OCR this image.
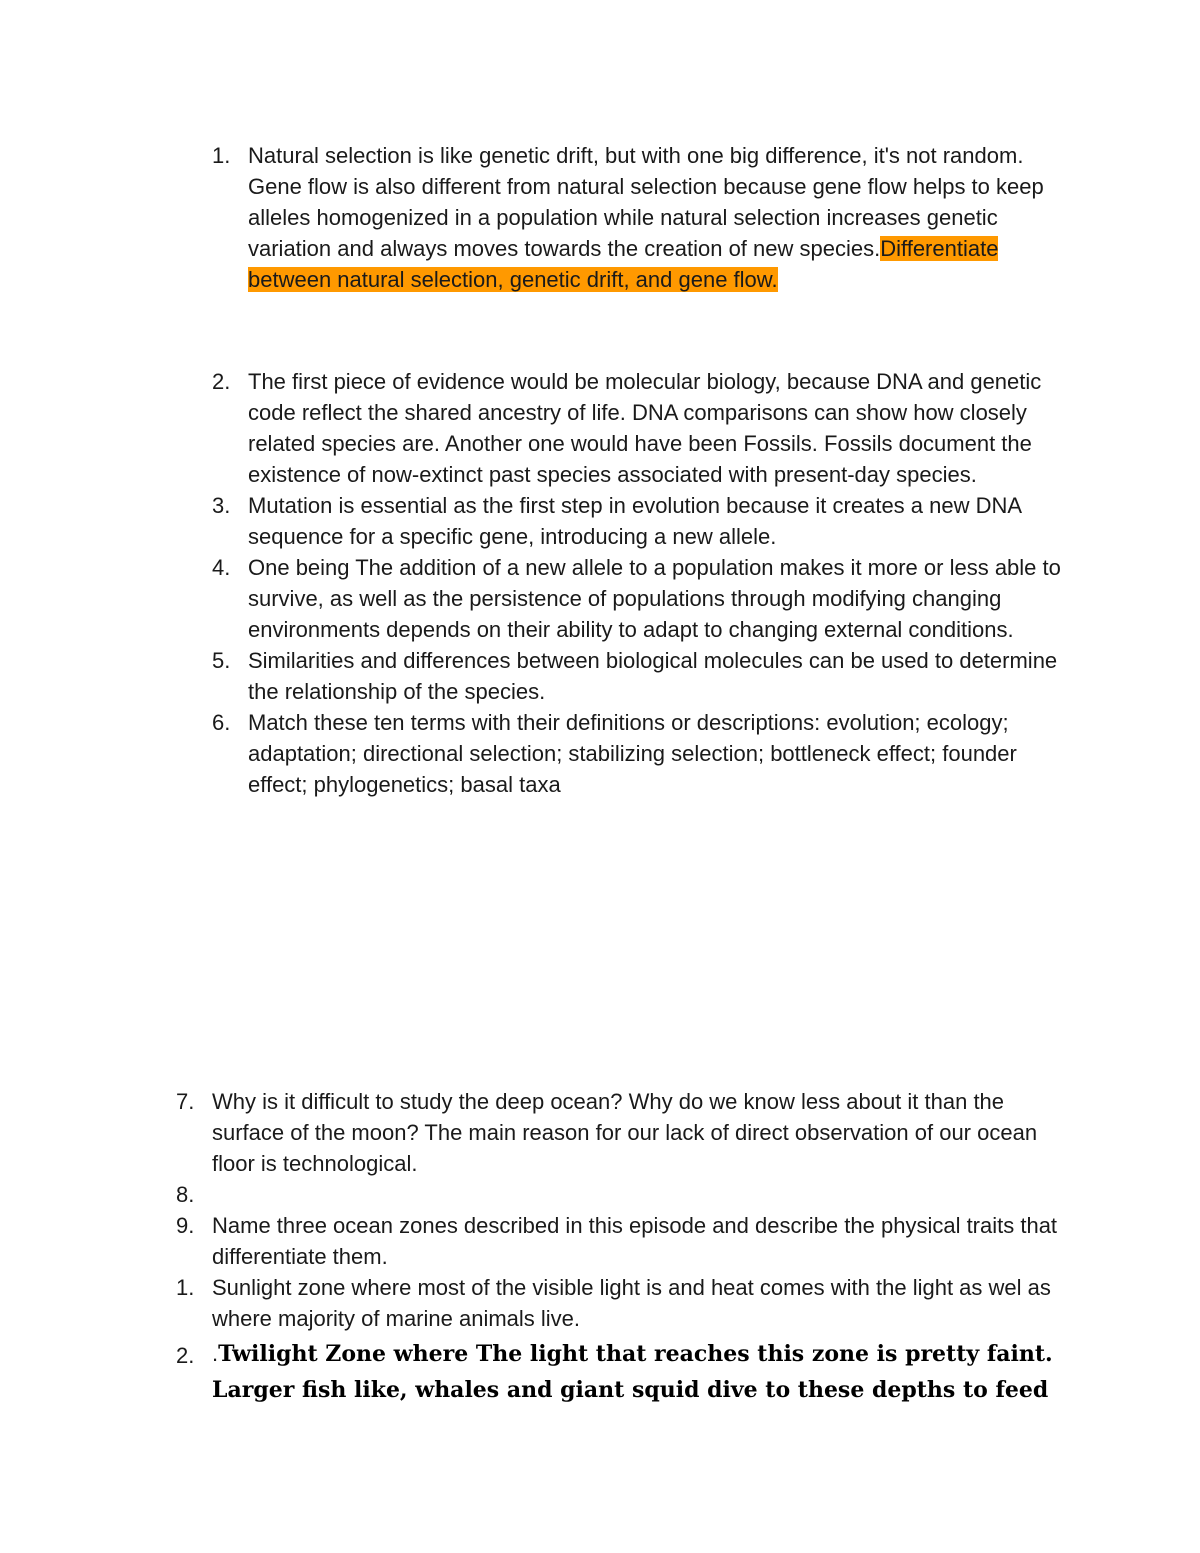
1. Natural selection is like genetic drift, but with one big difference, it's not random. Gene flow is also different from natural selection because gene flow helps to keep alleles homogenized in a population while natural selection increases genetic variation and always moves towards the creation of new species.Differentiate between natural selection, genetic drift, and gene flow.
2. The first piece of evidence would be molecular biology, because DNA and genetic code reflect the shared ancestry of life. DNA comparisons can show how closely related species are. Another one would have been Fossils. Fossils document the existence of now-extinct past species associated with present-day species.
3. Mutation is essential as the first step in evolution because it creates a new DNA sequence for a specific gene, introducing a new allele.
4. One being The addition of a new allele to a population makes it more or less able to survive, as well as the persistence of populations through modifying changing environments depends on their ability to adapt to changing external conditions.
5. Similarities and differences between biological molecules can be used to determine the relationship of the species.
6. Match these ten terms with their definitions or descriptions: evolution; ecology; adaptation; directional selection; stabilizing selection; bottleneck effect; founder effect; phylogenetics; basal taxa
7. Why is it difficult to study the deep ocean? Why do we know less about it than the surface of the moon? The main reason for our lack of direct observation of our ocean floor is technological.
8.

9. Name three ocean zones described in this episode and describe the physical traits that differentiate them.
1. Sunlight zone where most of the visible light is and heat comes with the light as wel as where majority of marine animals live.
2. .Twilight Zone where The light that reaches this zone is pretty faint. Larger fish like, whales and giant squid dive to these depths to feed
